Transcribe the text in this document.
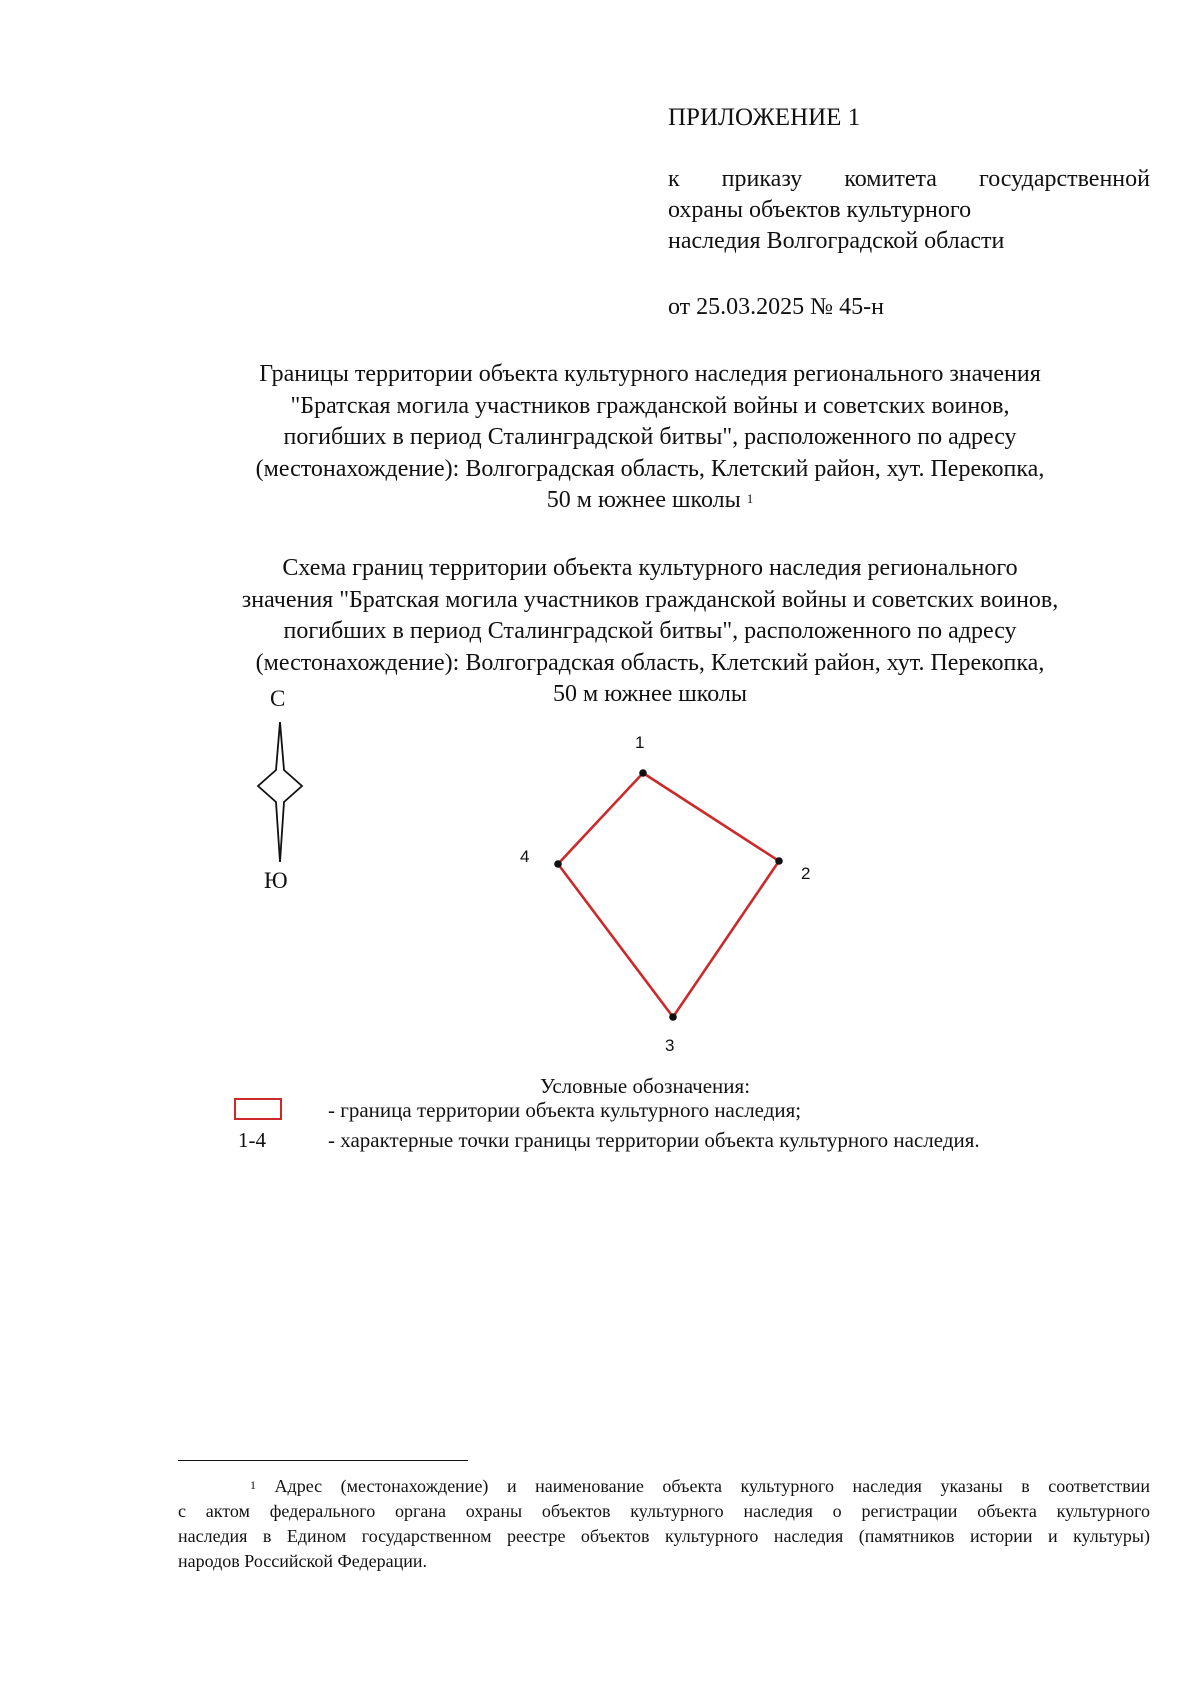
ПРИЛОЖЕНИЕ 1
к приказу комитета государственной
охраны объектов культурного
наследия Волгоградской области
от 25.03.2025 № 45-н
Границы территории объекта культурного наследия регионального значения
"Братская могила участников гражданской войны и советских воинов,
погибших в период Сталинградской битвы", расположенного по адресу
(местонахождение): Волгоградская область, Клетский район, хут. Перекопка,
50 м южнее школы $^1$
Схема границ территории объекта культурного наследия регионального
значения "Братская могила участников гражданской войны и советских воинов,
погибших в период Сталинградской битвы", расположенного по адресу
(местонахождение): Волгоградская область, Клетский район, хут. Перекопка,
50 м южнее школы
С
Ю
1
2
3
4
Условные обозначения:
- граница территории объекта культурного наследия;
1-4	- характерные точки границы территории объекта культурного наследия.
$^1$ Адрес (местонахождение) и наименование объекта культурного наследия указаны в соответствии
с актом федерального органа охраны объектов культурного наследия о регистрации объекта культурного
наследия в Едином государственном реестре объектов культурного наследия (памятников истории и культуры)
народов Российской Федерации.
